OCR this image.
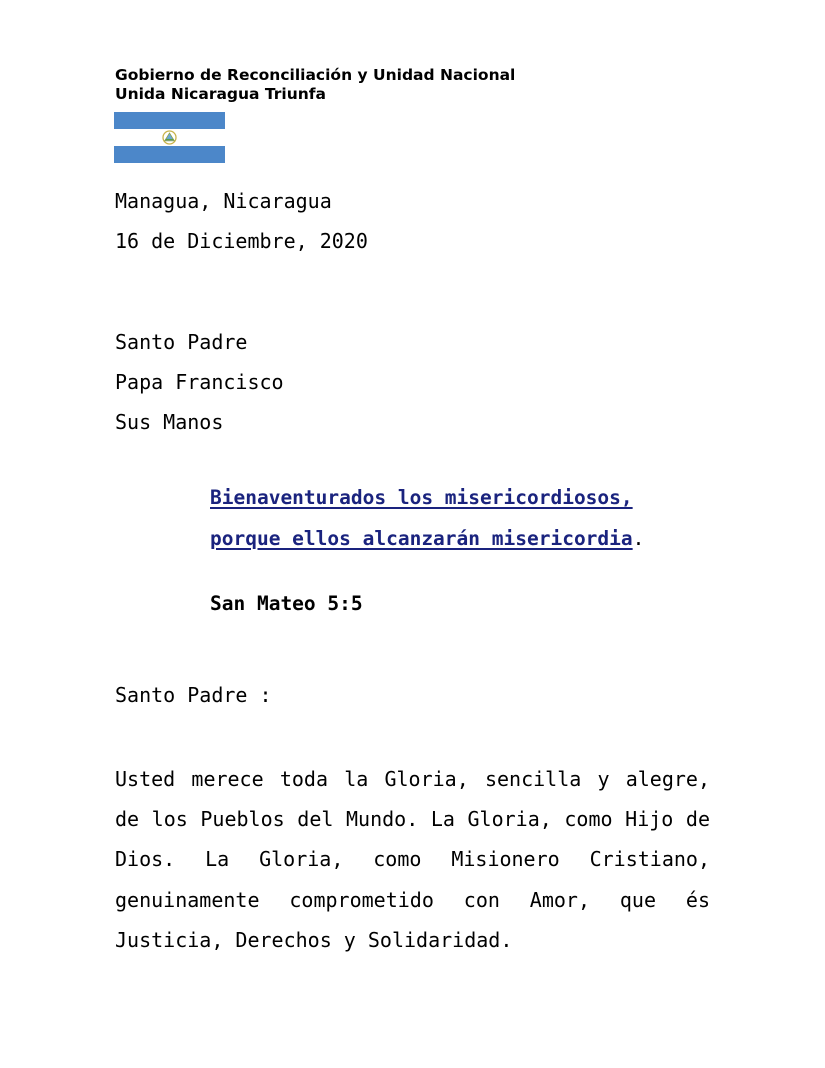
Gobierno de Reconciliación y Unidad Nacional
Unida Nicaragua Triunfa
Managua, Nicaragua
16 de Diciembre, 2020
Santo Padre
Papa Francisco
Sus Manos
Bienaventurados los misericordiosos,
porque ellos alcanzarán misericordia.
San Mateo 5:5
Santo Padre :
Usted merece toda la Gloria, sencilla y alegre, de los Pueblos del Mundo. La Gloria, como Hijo de Dios. La Gloria, como Misionero Cristiano, genuinamente comprometido con Amor, que és Justicia, Derechos y Solidaridad.
